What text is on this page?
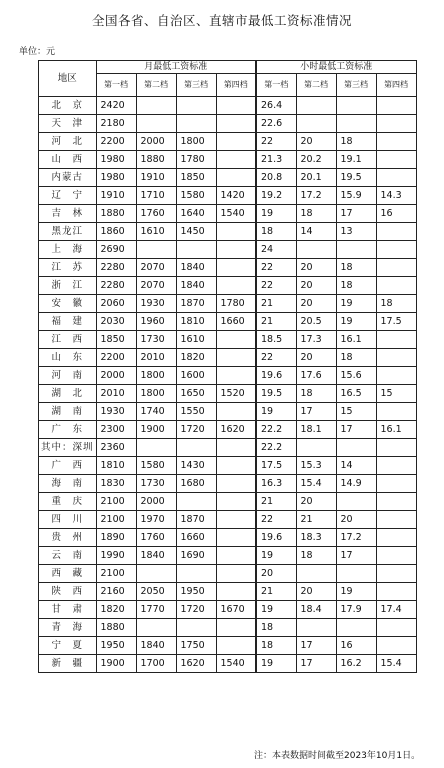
全国各省、自治区、直辖市最低工资标准情况
单位：元
地区	月最低工资标准				小时最低工资标准			
	第一档	第二档	第三档	第四档	第一档	第二档	第三档	第四档
北　京	2420				26.4			
天　津	2180				22.6			
河　北	2200	2000	1800		22	20	18	
山　西	1980	1880	1780		21.3	20.2	19.1	
内蒙古	1980	1910	1850		20.8	20.1	19.5	
辽　宁	1910	1710	1580	1420	19.2	17.2	15.9	14.3
吉　林	1880	1760	1640	1540	19	18	17	16
黑龙江	1860	1610	1450		18	14	13	
上　海	2690				24			
江　苏	2280	2070	1840		22	20	18	
浙　江	2280	2070	1840		22	20	18	
安　徽	2060	1930	1870	1780	21	20	19	18
福　建	2030	1960	1810	1660	21	20.5	19	17.5
江　西	1850	1730	1610		18.5	17.3	16.1	
山　东	2200	2010	1820		22	20	18	
河　南	2000	1800	1600		19.6	17.6	15.6	
湖　北	2010	1800	1650	1520	19.5	18	16.5	15
湖　南	1930	1740	1550		19	17	15	
广　东	2300	1900	1720	1620	22.2	18.1	17	16.1
其中：深圳	2360				22.2			
广　西	1810	1580	1430		17.5	15.3	14	
海　南	1830	1730	1680		16.3	15.4	14.9	
重　庆	2100	2000			21	20		
四　川	2100	1970	1870		22	21	20	
贵　州	1890	1760	1660		19.6	18.3	17.2	
云　南	1990	1840	1690		19	18	17	
西　藏	2100				20			
陕　西	2160	2050	1950		21	20	19	
甘　肃	1820	1770	1720	1670	19	18.4	17.9	17.4
青　海	1880				18			
宁　夏	1950	1840	1750		18	17	16	
新　疆	1900	1700	1620	1540	19	17	16.2	15.4
注：本表数据时间截至2023年10月1日。
